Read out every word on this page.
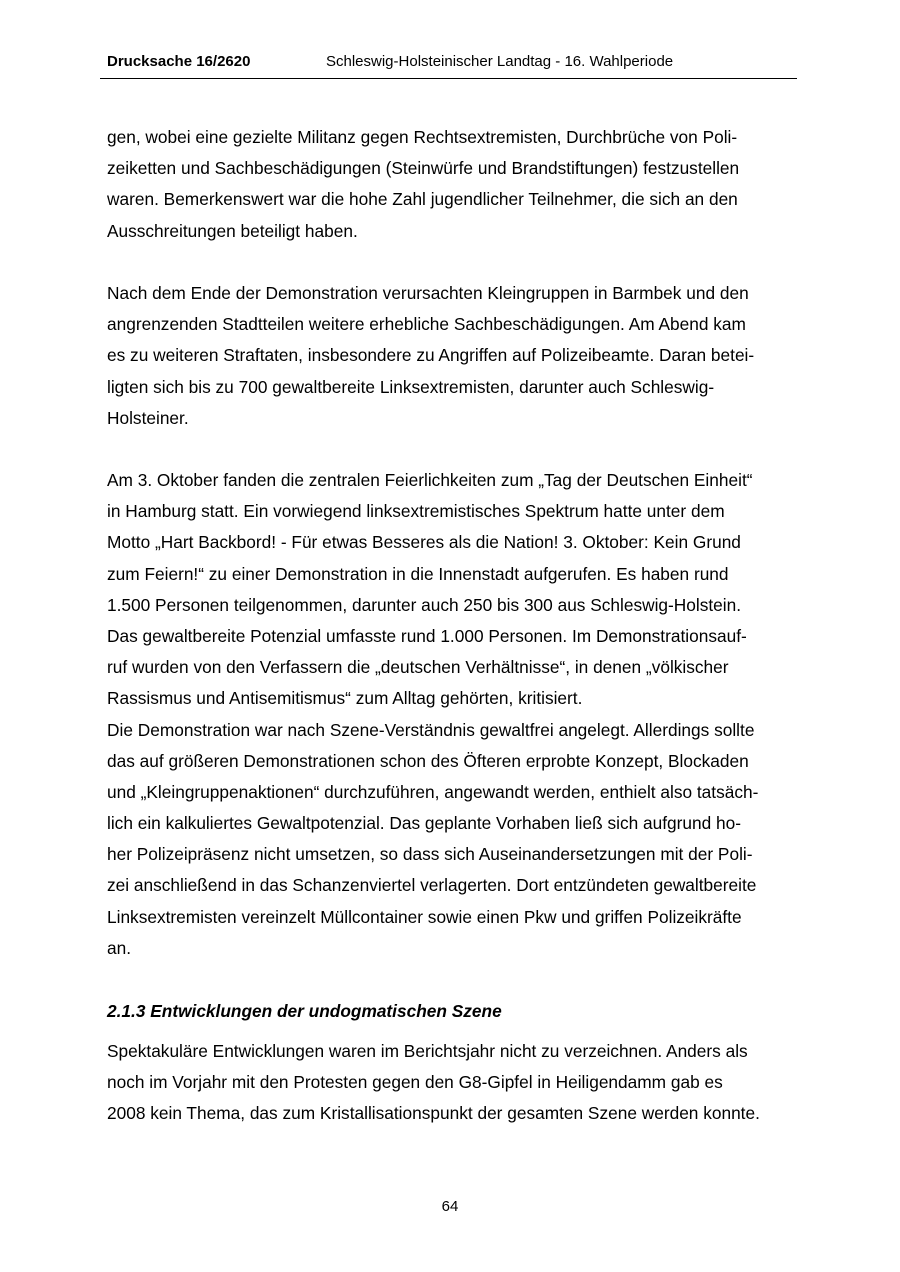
Drucksache 16/2620	Schleswig-Holsteinischer Landtag - 16. Wahlperiode

gen, wobei eine gezielte Militanz gegen Rechtsextremisten, Durchbrüche von Poli-
zeiketten und Sachbeschädigungen (Steinwürfe und Brandstiftungen) festzustellen
waren. Bemerkenswert war die hohe Zahl jugendlicher Teilnehmer, die sich an den
Ausschreitungen beteiligt haben.

Nach dem Ende der Demonstration verursachten Kleingruppen in Barmbek und den
angrenzenden Stadtteilen weitere erhebliche Sachbeschädigungen. Am Abend kam
es zu weiteren Straftaten, insbesondere zu Angriffen auf Polizeibeamte. Daran betei-
ligten sich bis zu 700 gewaltbereite Linksextremisten, darunter auch Schleswig-
Holsteiner.

Am 3. Oktober fanden die zentralen Feierlichkeiten zum „Tag der Deutschen Einheit“
in Hamburg statt. Ein vorwiegend linksextremistisches Spektrum hatte unter dem
Motto „Hart Backbord! - Für etwas Besseres als die Nation! 3. Oktober: Kein Grund
zum Feiern!“ zu einer Demonstration in die Innenstadt aufgerufen. Es haben rund
1.500 Personen teilgenommen, darunter auch 250 bis 300 aus Schleswig-Holstein.
Das gewaltbereite Potenzial umfasste rund 1.000 Personen. Im Demonstrationsauf-
ruf wurden von den Verfassern die „deutschen Verhältnisse“, in denen „völkischer
Rassismus und Antisemitismus“ zum Alltag gehörten, kritisiert.
Die Demonstration war nach Szene-Verständnis gewaltfrei angelegt. Allerdings sollte
das auf größeren Demonstrationen schon des Öfteren erprobte Konzept, Blockaden
und „Kleingruppenaktionen“ durchzuführen, angewandt werden, enthielt also tatsäch-
lich ein kalkuliertes Gewaltpotenzial. Das geplante Vorhaben ließ sich aufgrund ho-
her Polizeipräsenz nicht umsetzen, so dass sich Auseinandersetzungen mit der Poli-
zei anschließend in das Schanzenviertel verlagerten. Dort entzündeten gewaltbereite
Linksextremisten vereinzelt Müllcontainer sowie einen Pkw und griffen Polizeikräfte
an.

2.1.3 Entwicklungen der undogmatischen Szene

Spektakuläre Entwicklungen waren im Berichtsjahr nicht zu verzeichnen. Anders als
noch im Vorjahr mit den Protesten gegen den G8-Gipfel in Heiligendamm gab es
2008 kein Thema, das zum Kristallisationspunkt der gesamten Szene werden konnte.

64
